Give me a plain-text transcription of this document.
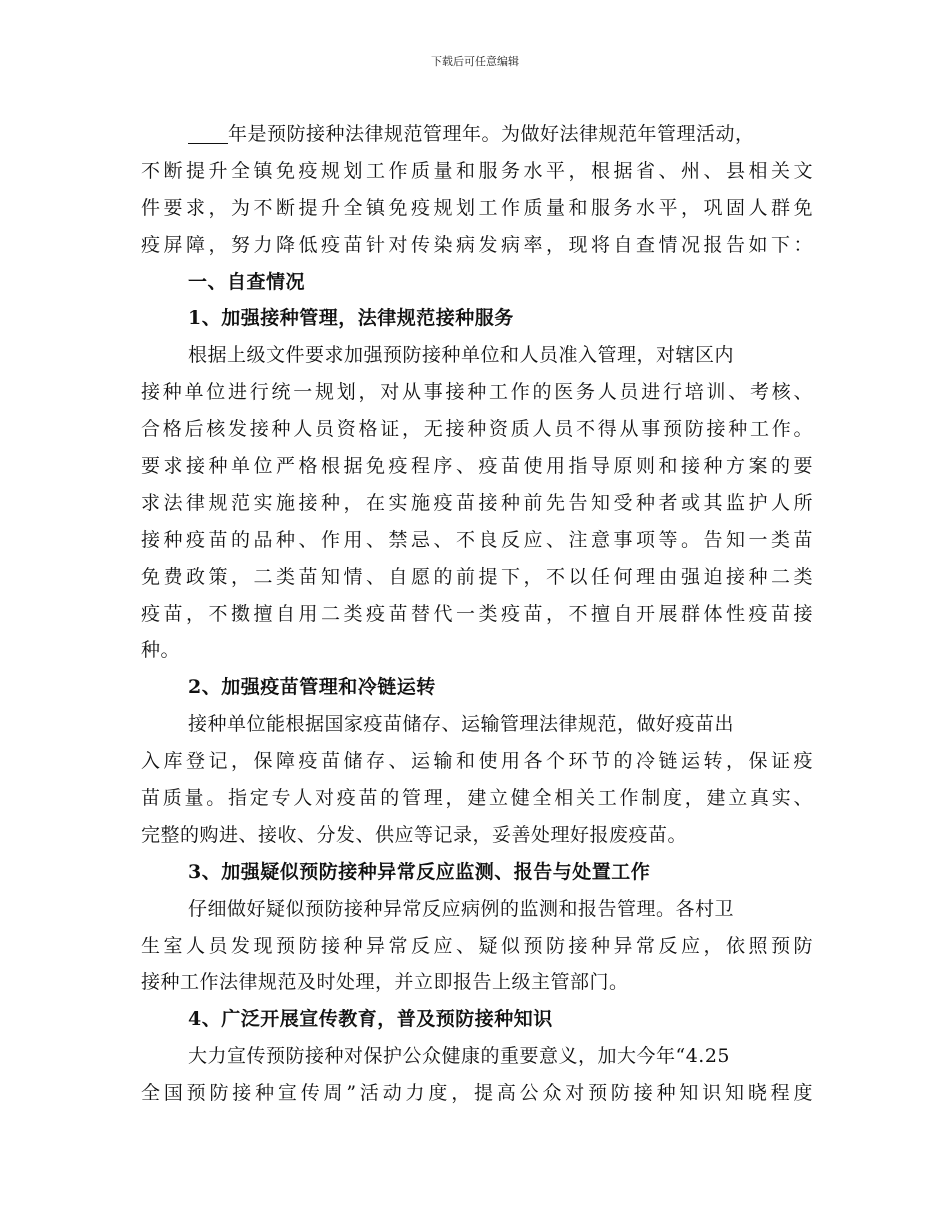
下载后可任意编辑
年是预防接种法律规范管理年。为做好法律规范年管理活动，
不断提升全镇免疫规划工作质量和服务水平，根据省、州、县相关文
件要求，为不断提升全镇免疫规划工作质量和服务水平，巩固人群免
疫屏障，努力降低疫苗针对传染病发病率，现将自查情况报告如下：
一、自查情况
1、加强接种管理，法律规范接种服务
根据上级文件要求加强预防接种单位和人员准入管理，对辖区内
接种单位进行统一规划，对从事接种工作的医务人员进行培训、考核、
合格后核发接种人员资格证，无接种资质人员不得从事预防接种工作。
要求接种单位严格根据免疫程序、疫苗使用指导原则和接种方案的要
求法律规范实施接种，在实施疫苗接种前先告知受种者或其监护人所
接种疫苗的品种、作用、禁忌、不良反应、注意事项等。告知一类苗
免费政策，二类苗知情、自愿的前提下，不以任何理由强迫接种二类
疫苗，不擞擅自用二类疫苗替代一类疫苗，不擅自开展群体性疫苗接
种。
2、加强疫苗管理和冷链运转
接种单位能根据国家疫苗储存、运输管理法律规范，做好疫苗出
入库登记，保障疫苗储存、运输和使用各个环节的冷链运转，保证疫
苗质量。指定专人对疫苗的管理，建立健全相关工作制度，建立真实、
完整的购进、接收、分发、供应等记录，妥善处理好报废疫苗。
3、加强疑似预防接种异常反应监测、报告与处置工作
仔细做好疑似预防接种异常反应病例的监测和报告管理。各村卫
生室人员发现预防接种异常反应、疑似预防接种异常反应，依照预防
接种工作法律规范及时处理，并立即报告上级主管部门。
4、广泛开展宣传教育，普及预防接种知识
大力宣传预防接种对保护公众健康的重要意义，加大今年“4.25
全国预防接种宣传周”活动力度，提高公众对预防接种知识知晓程度
